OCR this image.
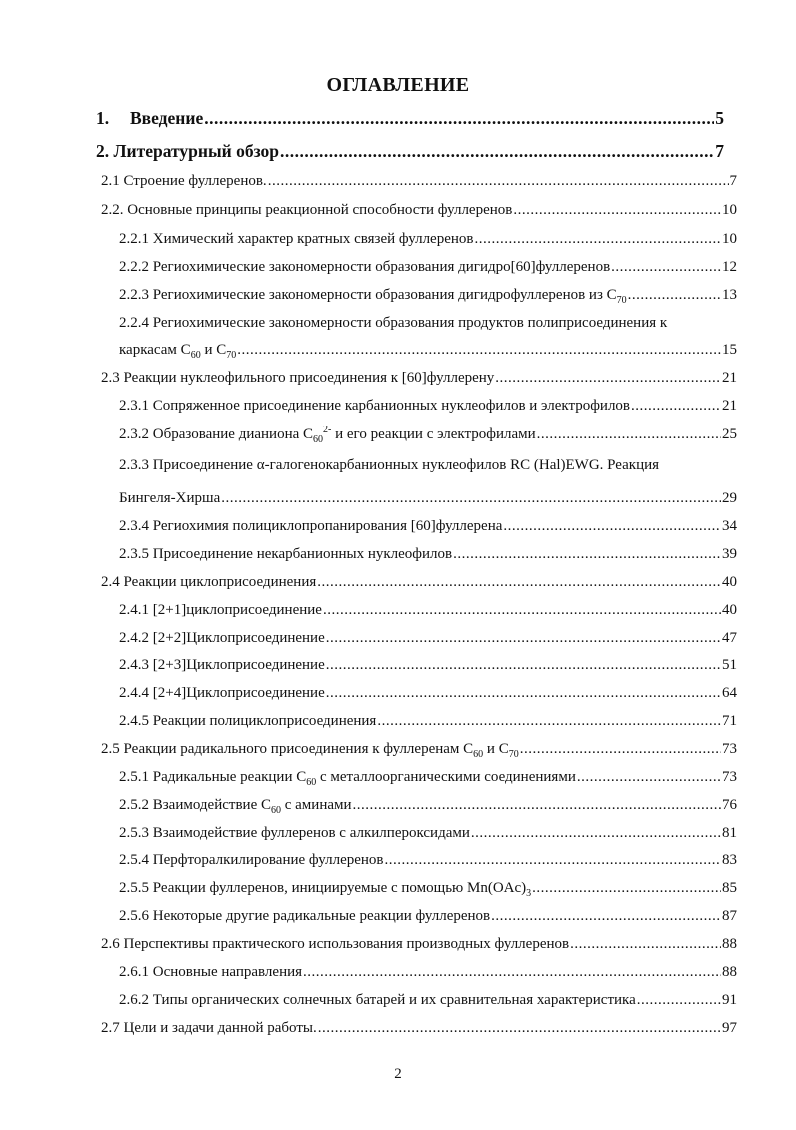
ОГЛАВЛЕНИЕ
1. Введение .....	5
2. Литературный обзор .....	7
2.1 Строение фуллеренов. .....	7
2.2. Основные принципы реакционной способности фуллеренов .....	10
2.2.1 Химический характер кратных связей фуллеренов .....	10
2.2.2 Региохимические закономерности образования дигидро[60]фуллеренов .....	12
2.2.3 Региохимические закономерности образования дигидрофуллеренов из $C_{70}$ .....	13
2.2.4 Региохимические закономерности образования продуктов полиприсоединения к
каркасам $C_{60}$ и $C_{70}$ .....	15
2.3 Реакции нуклеофильного присоединения к [60]фуллерену .....	21
2.3.1 Сопряженное присоединение карбанионных нуклеофилов и электрофилов .....	21
2.3.2 Образование дианиона $C_{60}^{2-}$ и его реакции с электрофилами .....	25
2.3.3 Присоединение α-галогенокарбанионных нуклеофилов RC (Hal)EWG. Реакция
Бингеля-Хирша .....	29
2.3.4 Региохимия полициклопропанирования [60]фуллерена .....	34
2.3.5 Присоединение некарбанионных нуклеофилов .....	39
2.4 Реакции циклоприсоединения .....	40
2.4.1 [2+1]циклоприсоединение .....	40
2.4.2 [2+2]Циклоприсоединение .....	47
2.4.3 [2+3]Циклоприсоединение .....	51
2.4.4 [2+4]Циклоприсоединение .....	64
2.4.5 Реакции полициклоприсоединения .....	71
2.5 Реакции радикального присоединения к фуллеренам $C_{60}$ и $C_{70}$ .....	73
2.5.1 Радикальные реакции $C_{60}$ с металлоорганическими соединениями .....	73
2.5.2 Взаимодействие $C_{60}$ с аминами .....	76
2.5.3 Взаимодействие фуллеренов с алкилпероксидами .....	81
2.5.4 Перфторалкилирование фуллеренов .....	83
2.5.5 Реакции фуллеренов, инициируемые с помощью $Mn(OAc)_3$ .....	85
2.5.6 Некоторые другие радикальные реакции фуллеренов .....	87
2.6 Перспективы практического использования производных фуллеренов .....	88
2.6.1 Основные направления .....	88
2.6.2 Типы органических солнечных батарей и их сравнительная характеристика .....	91
2.7 Цели и задачи данной работы. .....	97
2
